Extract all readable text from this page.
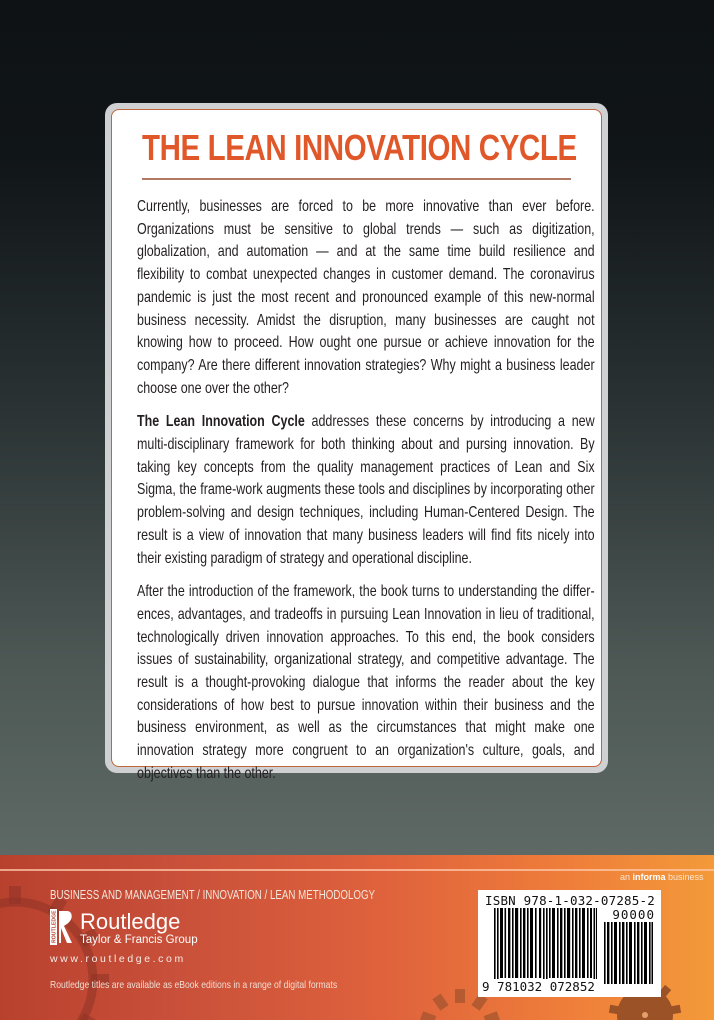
THE LEAN INNOVATION CYCLE

Currently, businesses are forced to be more innovative than ever before. Organizations must be sensitive to global trends — such as digitization, globalization, and automation — and at the same time build resilience and flexibility to combat unexpected changes in customer demand. The coronavirus pandemic is just the most recent and pronounced example of this new-normal business necessity. Amidst the disruption, many businesses are caught not knowing how to proceed. How ought one pursue or achieve innovation for the company? Are there different innovation strategies? Why might a business leader choose one over the other?

The Lean Innovation Cycle addresses these concerns by introducing a new multi-disciplinary framework for both thinking about and pursing innovation. By taking key concepts from the quality management practices of Lean and Six Sigma, the frame-work augments these tools and disciplines by incorporating other problem-solving and design techniques, including Human-Centered Design. The result is a view of innovation that many business leaders will find fits nicely into their existing paradigm of strategy and operational discipline.

After the introduction of the framework, the book turns to understanding the differ-ences, advantages, and tradeoffs in pursuing Lean Innovation in lieu of traditional, technologically driven innovation approaches. To this end, the book considers issues of sustainability, organizational strategy, and competitive advantage. The result is a thought-provoking dialogue that informs the reader about the key considerations of how best to pursue innovation within their business and the business environment, as well as the circumstances that might make one innovation strategy more congruent to an organization's culture, goals, and objectives than the other.

BUSINESS AND MANAGEMENT / INNOVATION / LEAN METHODOLOGY
ROUTLEDGE Routledge
Taylor & Francis Group
www.routledge.com
Routledge titles are available as eBook editions in a range of digital formats
an informa business
ISBN 978-1-032-07285-2
90000
9 781032 072852
